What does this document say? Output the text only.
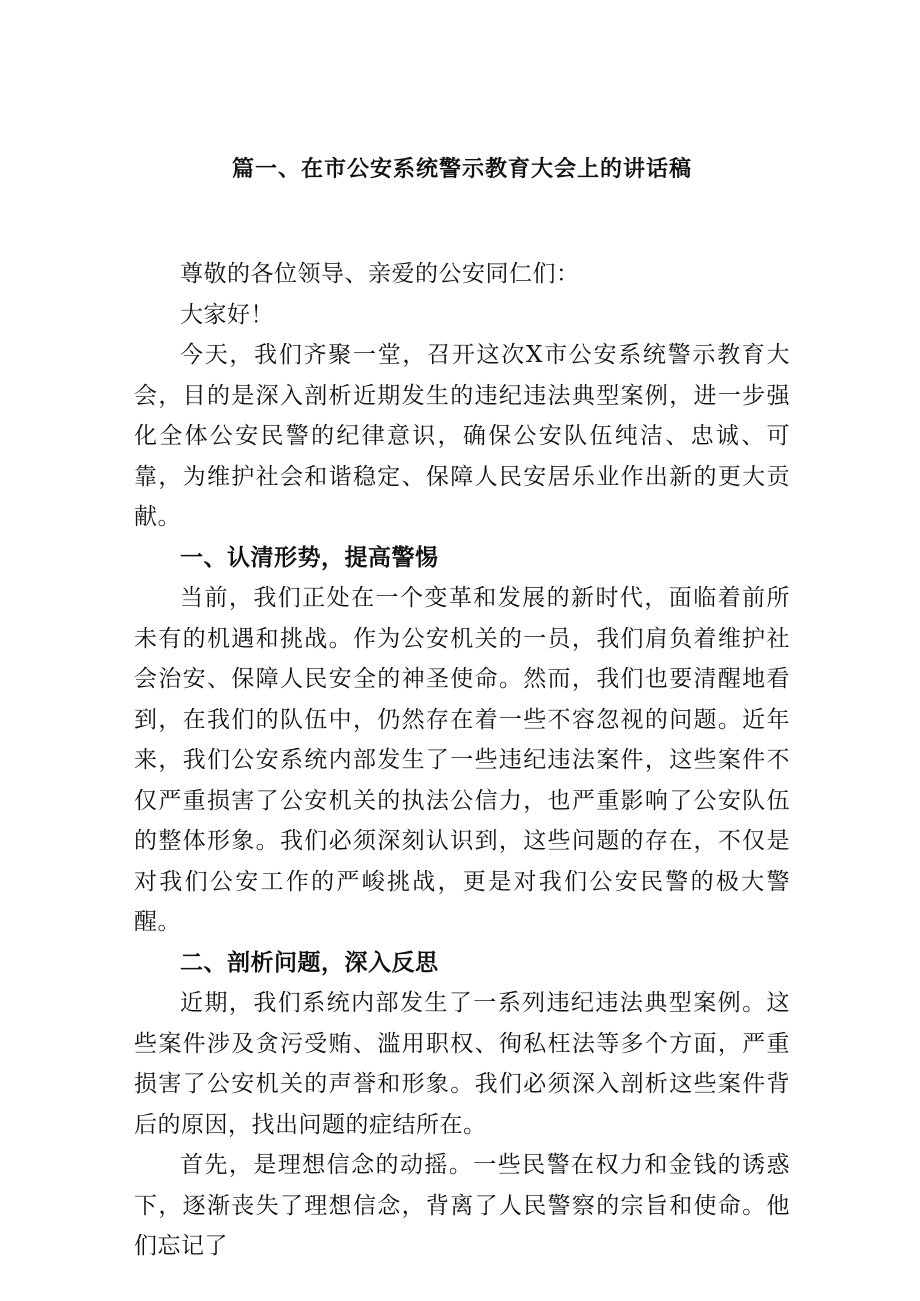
篇一、在市公安系统警示教育大会上的讲话稿

尊敬的各位领导、亲爱的公安同仁们：

大家好！

今天，我们齐聚一堂，召开这次X市公安系统警示教育大会，目的是深入剖析近期发生的违纪违法典型案例，进一步强化全体公安民警的纪律意识，确保公安队伍纯洁、忠诚、可靠，为维护社会和谐稳定、保障人民安居乐业作出新的更大贡献。

一、认清形势，提高警惕

当前，我们正处在一个变革和发展的新时代，面临着前所未有的机遇和挑战。作为公安机关的一员，我们肩负着维护社会治安、保障人民安全的神圣使命。然而，我们也要清醒地看到，在我们的队伍中，仍然存在着一些不容忽视的问题。近年来，我们公安系统内部发生了一些违纪违法案件，这些案件不仅严重损害了公安机关的执法公信力，也严重影响了公安队伍的整体形象。我们必须深刻认识到，这些问题的存在，不仅是对我们公安工作的严峻挑战，更是对我们公安民警的极大警醒。

二、剖析问题，深入反思

近期，我们系统内部发生了一系列违纪违法典型案例。这些案件涉及贪污受贿、滥用职权、徇私枉法等多个方面，严重损害了公安机关的声誉和形象。我们必须深入剖析这些案件背后的原因，找出问题的症结所在。

首先，是理想信念的动摇。一些民警在权力和金钱的诱惑下，逐渐丧失了理想信念，背离了人民警察的宗旨和使命。他们忘记了
